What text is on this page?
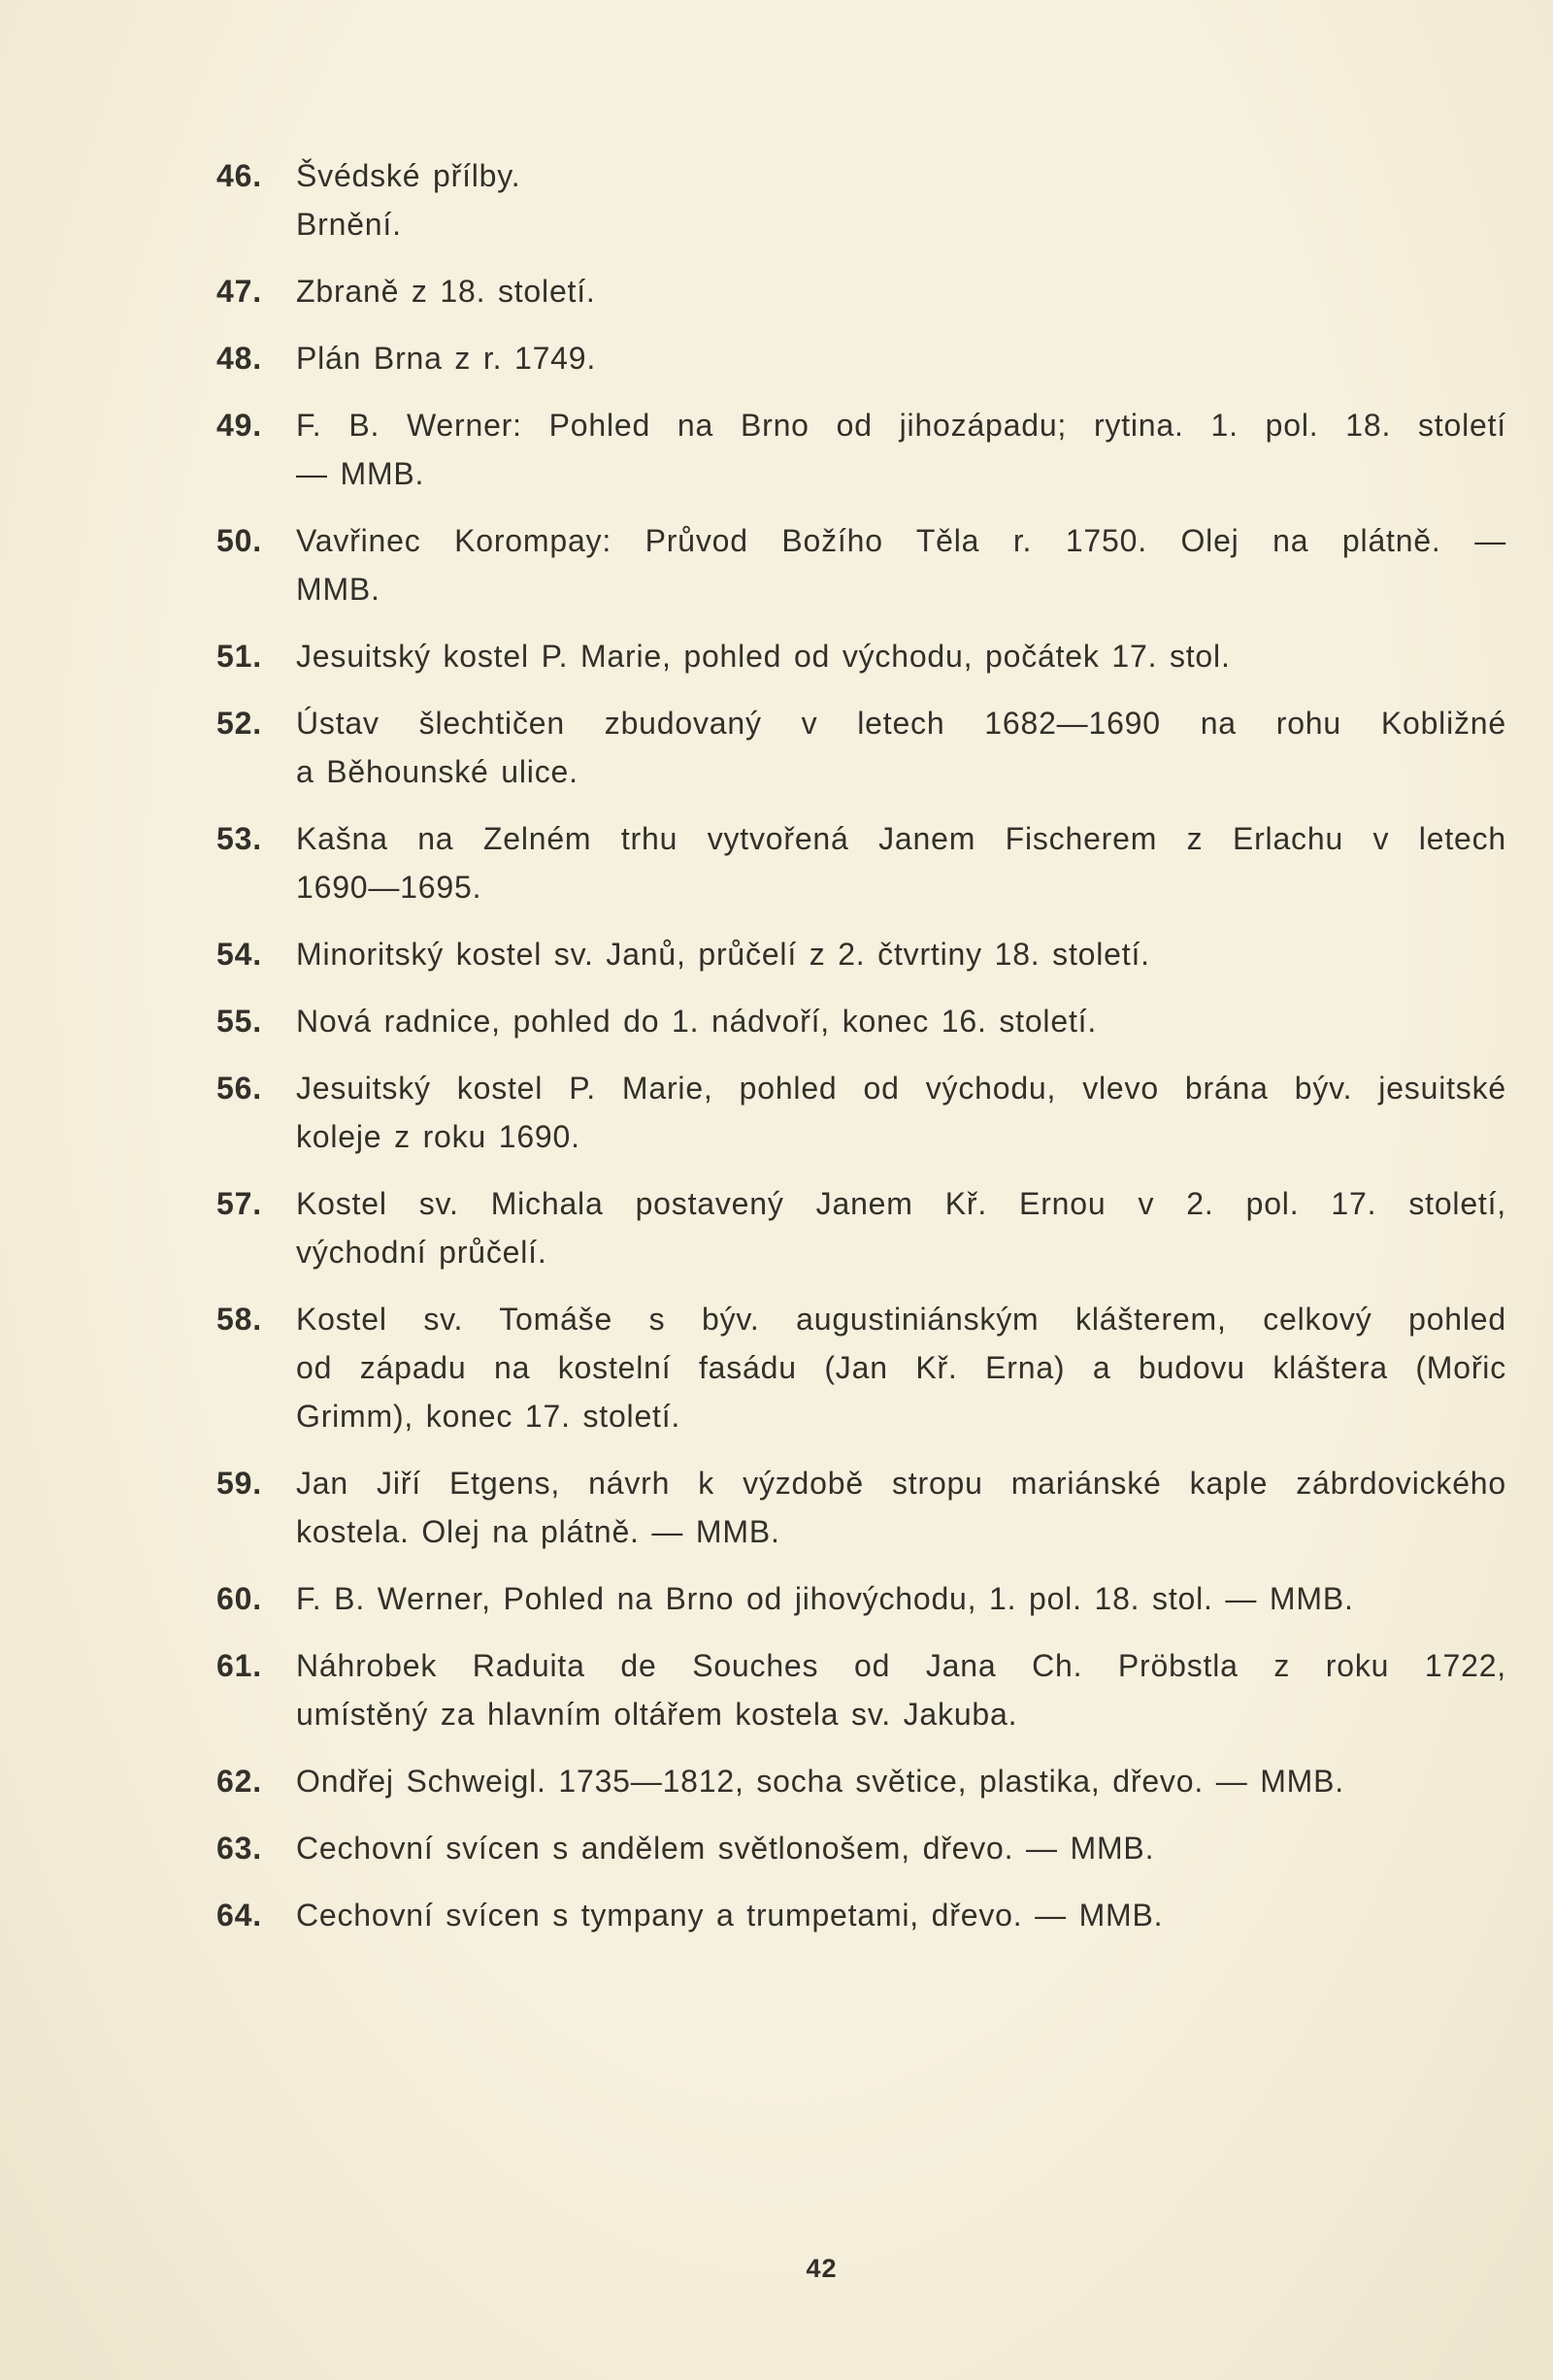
46.	Švédské přílby.
Brnění.
47.	Zbraně z 18. století.
48.	Plán Brna z r. 1749.
49.	F. B. Werner: Pohled na Brno od jihozápadu; rytina. 1. pol. 18. století
— MMB.
50.	Vavřinec Korompay: Průvod Božího Těla r. 1750. Olej na plátně. —
MMB.
51.	Jesuitský kostel P. Marie, pohled od východu, počátek 17. stol.
52.	Ústav šlechtičen zbudovaný v letech 1682—1690 na rohu Kobližné
a Běhounské ulice.
53.	Kašna na Zelném trhu vytvořená Janem Fischerem z Erlachu v letech
1690—1695.
54.	Minoritský kostel sv. Janů, průčelí z 2. čtvrtiny 18. století.
55.	Nová radnice, pohled do 1. nádvoří, konec 16. století.
56.	Jesuitský kostel P. Marie, pohled od východu, vlevo brána býv. jesuitské
koleje z roku 1690.
57.	Kostel sv. Michala postavený Janem Kř. Ernou v 2. pol. 17. století,
východní průčelí.
58.	Kostel sv. Tomáše s býv. augustiniánským klášterem, celkový pohled
od západu na kostelní fasádu (Jan Kř. Erna) a budovu kláštera (Mořic
Grimm), konec 17. století.
59.	Jan Jiří Etgens, návrh k výzdobě stropu mariánské kaple zábrdovického
kostela. Olej na plátně. — MMB.
60.	F. B. Werner, Pohled na Brno od jihovýchodu, 1. pol. 18. stol. — MMB.
61.	Náhrobek Raduita de Souches od Jana Ch. Pröbstla z roku 1722,
umístěný za hlavním oltářem kostela sv. Jakuba.
62.	Ondřej Schweigl. 1735—1812, socha světice, plastika, dřevo. — MMB.
63.	Cechovní svícen s andělem světlonošem, dřevo. — MMB.
64.	Cechovní svícen s tympany a trumpetami, dřevo. — MMB.
42
